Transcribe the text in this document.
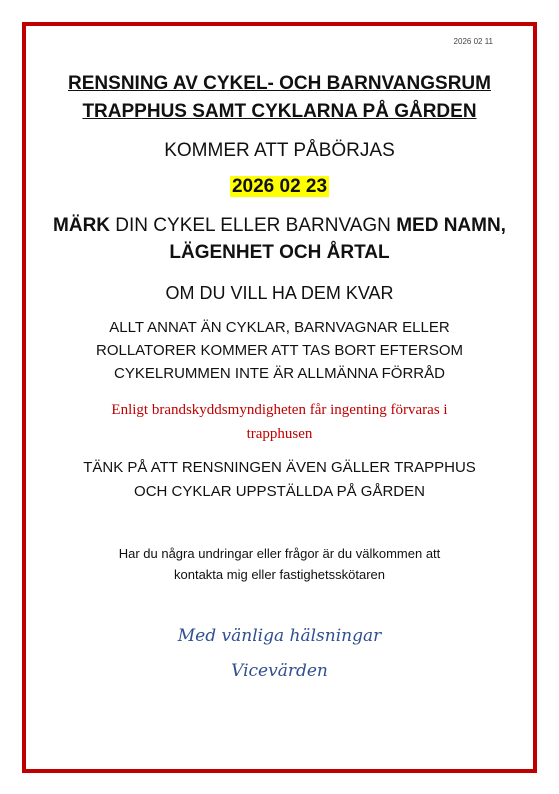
2026 02 11
RENSNING AV CYKEL- OCH BARNVANGSRUM
TRAPPHUS SAMT CYKLARNA PÅ GÅRDEN
KOMMER ATT PÅBÖRJAS
2026 02 23
MÄRK DIN CYKEL ELLER BARNVAGN MED NAMN, LÄGENHET OCH ÅRTAL
OM DU VILL HA DEM KVAR
ALLT ANNAT ÄN CYKLAR, BARNVAGNAR ELLER
ROLLATORER KOMMER ATT TAS BORT EFTERSOM
CYKELRUMMEN INTE ÄR ALLMÄNNA FÖRRÅD
Enligt brandskyddsmyndigheten får ingenting förvaras i
trapphusen
TÄNK PÅ ATT RENSNINGEN ÄVEN GÄLLER TRAPPHUS
OCH CYKLAR UPPSTÄLLDA PÅ GÅRDEN
Har du några undringar eller frågor är du välkommen att
kontakta mig eller fastighetsskötaren
Med vänliga hälsningar
Vicevärden
